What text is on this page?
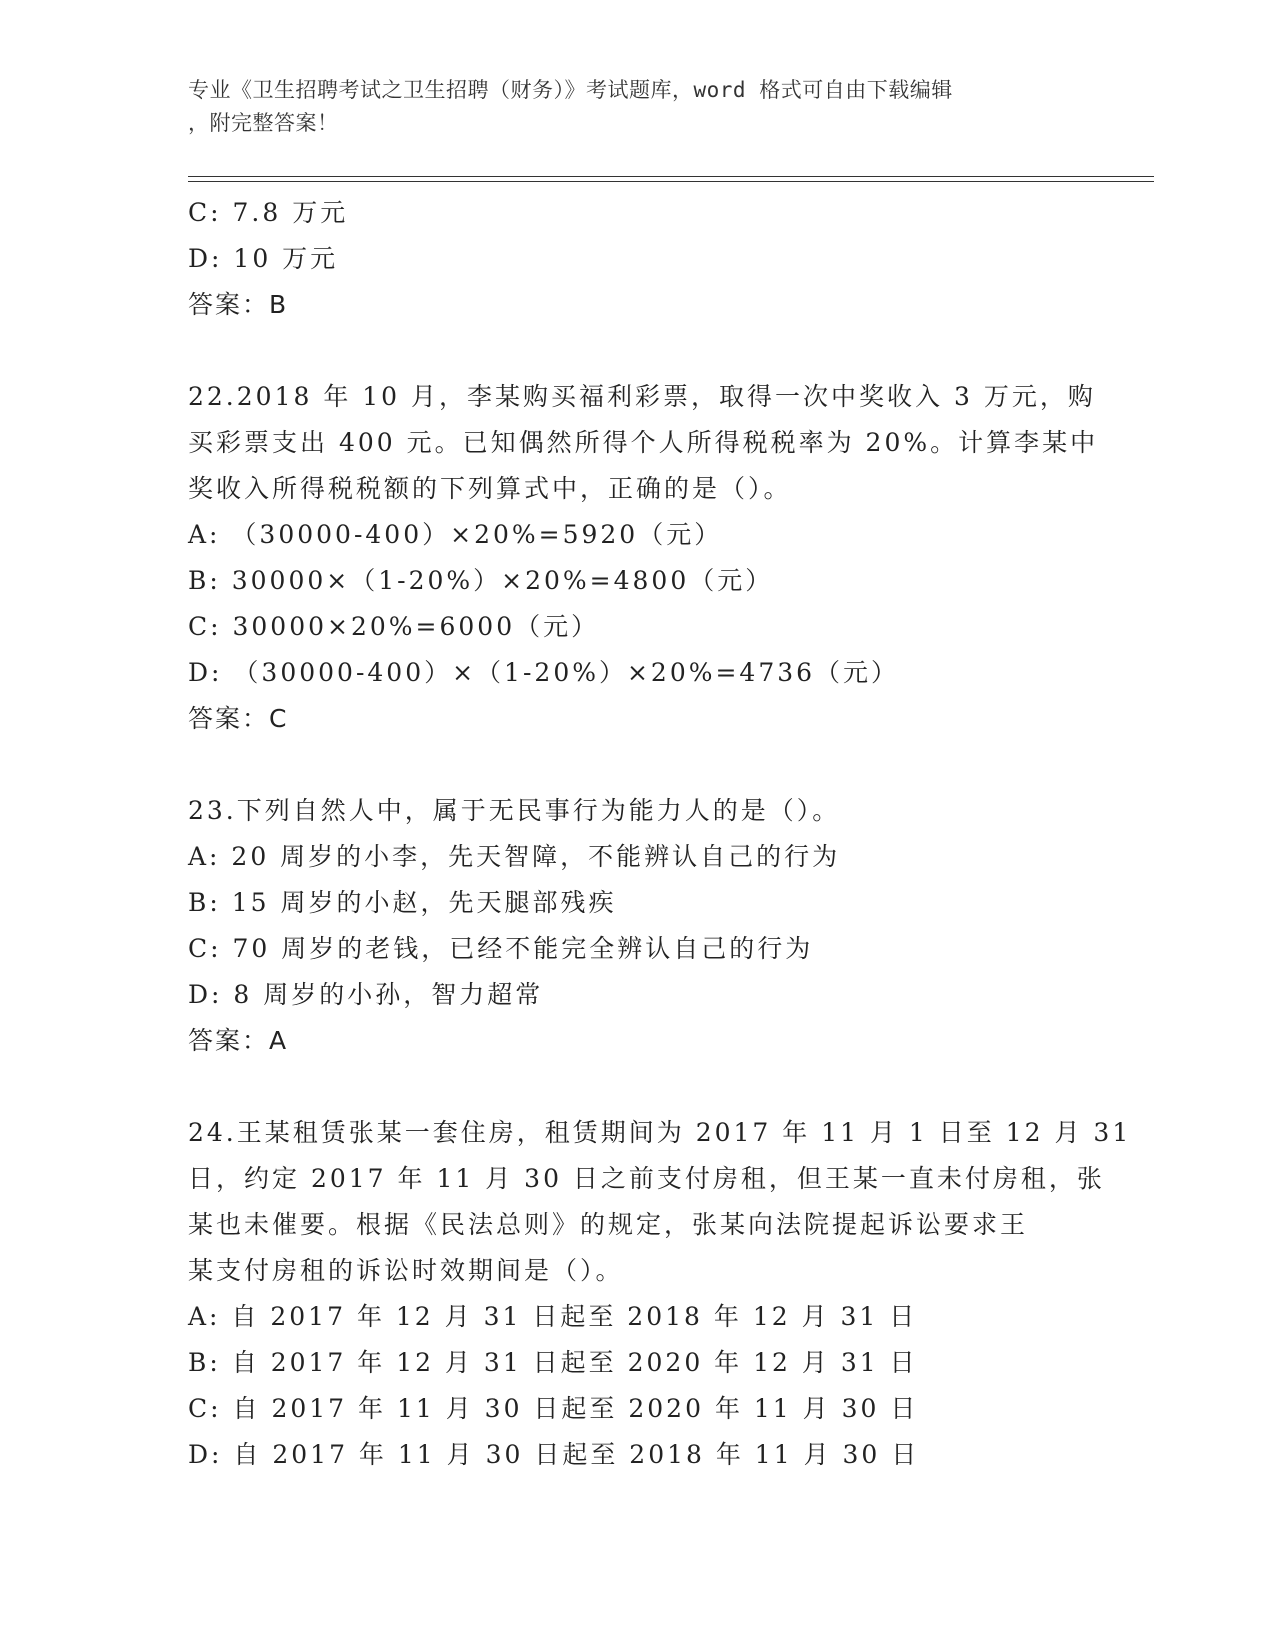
专业《卫生招聘考试之卫生招聘（财务）》考试题库，word 格式可自由下载编辑
，附完整答案！
C: 7.8 万元
D: 10 万元
答案：B
22.2018 年 10 月，李某购买福利彩票，取得一次中奖收入 3 万元，购
买彩票支出 400 元。已知偶然所得个人所得税税率为 20%。计算李某中
奖收入所得税税额的下列算式中，正确的是（）。
A: （30000-400）×20%=5920（元）
B: 30000×（1-20%）×20%=4800（元）
C: 30000×20%=6000（元）
D: （30000-400）×（1-20%）×20%=4736（元）
答案：C
23.下列自然人中，属于无民事行为能力人的是（）。
A: 20 周岁的小李，先天智障，不能辨认自己的行为
B: 15 周岁的小赵，先天腿部残疾
C: 70 周岁的老钱，已经不能完全辨认自己的行为
D: 8 周岁的小孙，智力超常
答案：A
24.王某租赁张某一套住房，租赁期间为 2017 年 11 月 1 日至 12 月 31
日，约定 2017 年 11 月 30 日之前支付房租，但王某一直未付房租，张
某也未催要。根据《民法总则》的规定，张某向法院提起诉讼要求王
某支付房租的诉讼时效期间是（）。
A: 自 2017 年 12 月 31 日起至 2018 年 12 月 31 日
B: 自 2017 年 12 月 31 日起至 2020 年 12 月 31 日
C: 自 2017 年 11 月 30 日起至 2020 年 11 月 30 日
D: 自 2017 年 11 月 30 日起至 2018 年 11 月 30 日
